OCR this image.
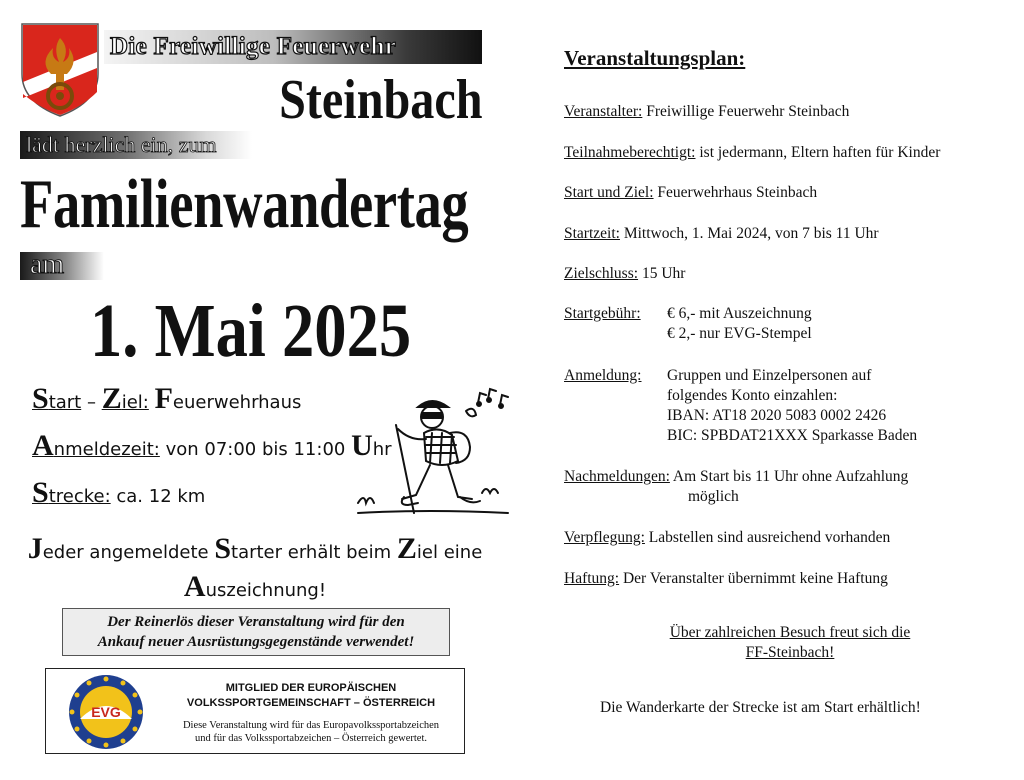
Die Freiwillige Feuerwehr
Steinbach
lädt herzlich ein, zum
Familienwandertag
am
1. Mai 2025
Start – Ziel: Feuerwehrhaus
Anmeldezeit: von 07:00 bis 11:00 Uhr
Strecke: ca. 12 km
Jeder angemeldete Starter erhält beim Ziel eine
Auszeichnung!
Der Reinerlös dieser Veranstaltung wird für den
Ankauf neuer Ausrüstungsgegenstände verwendet!
EVG
MITGLIED DER EUROPÄISCHEN
VOLKSSPORTGEMEINSCHAFT – ÖSTERREICH
Diese Veranstaltung wird für das Europavolkssportabzeichen
und für das Volkssportabzeichen – Österreich gewertet.
Veranstaltungsplan:
Veranstalter: Freiwillige Feuerwehr Steinbach
Teilnahmeberechtigt: ist jedermann, Eltern haften für Kinder
Start und Ziel: Feuerwehrhaus Steinbach
Startzeit: Mittwoch, 1. Mai 2024, von 7 bis 11 Uhr
Zielschluss: 15 Uhr
Startgebühr: € 6,- mit Auszeichnung
€ 2,- nur EVG-Stempel
Anmeldung: Gruppen und Einzelpersonen auf
folgendes Konto einzahlen:
IBAN: AT18 2020 5083 0002 2426
BIC: SPBDAT21XXX Sparkasse Baden
Nachmeldungen: Am Start bis 11 Uhr ohne Aufzahlung
möglich
Verpflegung: Labstellen sind ausreichend vorhanden
Haftung: Der Veranstalter übernimmt keine Haftung
Über zahlreichen Besuch freut sich die
FF-Steinbach!
Die Wanderkarte der Strecke ist am Start erhältlich!
